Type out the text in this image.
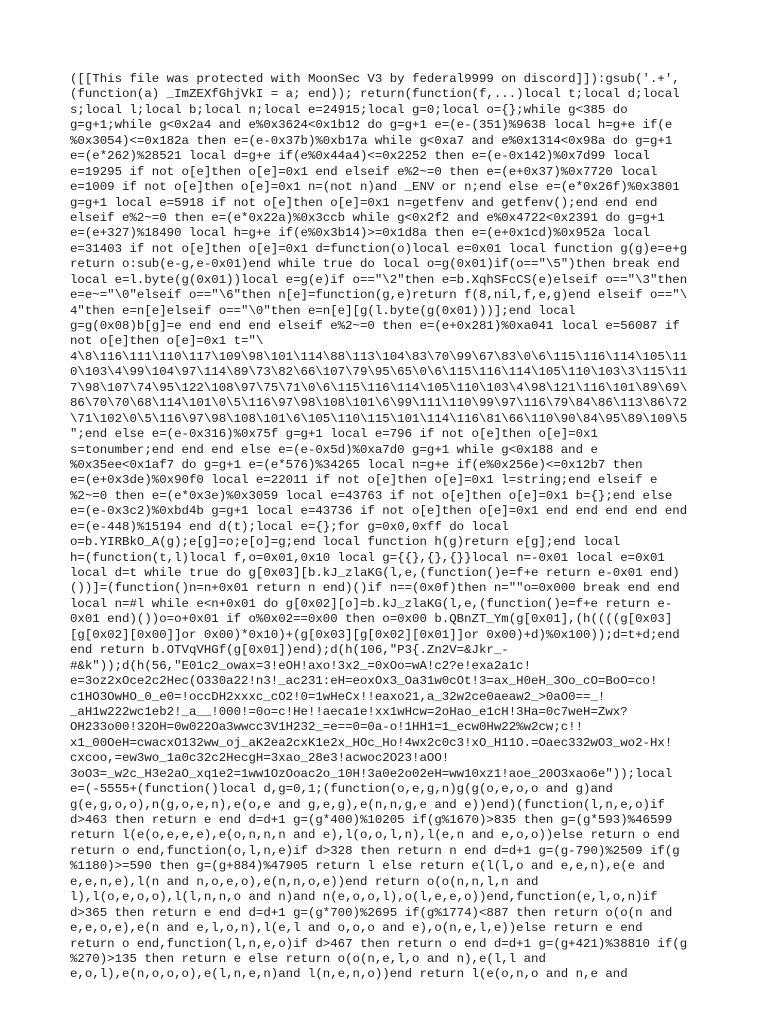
([[This file was protected with MoonSec V3 by federal9999 on discord]]):gsub('.+',
(function(a) _ImZEXfGhjVkI = a; end)); return(function(f,...)local t;local d;local
s;local l;local b;local n;local e=24915;local g=0;local o={};while g<385 do
g=g+1;while g<0x2a4 and e%0x3624<0x1b12 do g=g+1 e=(e-(351)%9638 local h=g+e if(e
%0x3054)<=0x182a then e=(e-0x37b)%0xb17a while g<0xa7 and e%0x1314<0x98a do g=g+1
e=(e*262)%28521 local d=g+e if(e%0x44a4)<=0x2252 then e=(e-0x142)%0x7d99 local
e=19295 if not o[e]then o[e]=0x1 end elseif e%2~=0 then e=(e+0x37)%0x7720 local
e=1009 if not o[e]then o[e]=0x1 n=(not n)and _ENV or n;end else e=(e*0x26f)%0x3801
g=g+1 local e=5918 if not o[e]then o[e]=0x1 n=getfenv and getfenv();end end end
elseif e%2~=0 then e=(e*0x22a)%0x3ccb while g<0x2f2 and e%0x4722<0x2391 do g=g+1
e=(e+327)%18490 local h=g+e if(e%0x3b14)>=0x1d8a then e=(e+0x1cd)%0x952a local
e=31403 if not o[e]then o[e]=0x1 d=function(o)local e=0x01 local function g(g)e=e+g
return o:sub(e-g,e-0x01)end while true do local o=g(0x01)if(o=="\5")then break end
local e=l.byte(g(0x01))local e=g(e)if o=="\2"then e=b.XqhSFcCS(e)elseif o=="\3"then
e=e~="\0"elseif o=="\6"then n[e]=function(g,e)return f(8,nil,f,e,g)end elseif o=="\
4"then e=n[e]elseif o=="\0"then e=n[e][g(l.byte(g(0x01)))];end local
g=g(0x08)b[g]=e end end end elseif e%2~=0 then e=(e+0x281)%0xa041 local e=56087 if
not o[e]then o[e]=0x1 t="\
4\8\116\111\110\117\109\98\101\114\88\113\104\83\70\99\67\83\0\6\115\116\114\105\11
0\103\4\99\104\97\114\89\73\82\66\107\79\95\65\0\6\115\116\114\105\110\103\3\115\11
7\98\107\74\95\122\108\97\75\71\0\6\115\116\114\105\110\103\4\98\121\116\101\89\69\
86\70\70\68\114\101\0\5\116\97\98\108\101\6\99\111\110\99\97\116\79\84\86\113\86\72
\71\102\0\5\116\97\98\108\101\6\105\110\115\101\114\116\81\66\110\90\84\95\89\109\5
";end else e=(e-0x316)%0x75f g=g+1 local e=796 if not o[e]then o[e]=0x1
s=tonumber;end end end else e=(e-0x5d)%0xa7d0 g=g+1 while g<0x188 and e
%0x35ee<0x1af7 do g=g+1 e=(e*576)%34265 local n=g+e if(e%0x256e)<=0x12b7 then
e=(e+0x3de)%0x90f0 local e=22011 if not o[e]then o[e]=0x1 l=string;end elseif e
%2~=0 then e=(e*0x3e)%0x3059 local e=43763 if not o[e]then o[e]=0x1 b={};end else
e=(e-0x3c2)%0xbd4b g=g+1 local e=43736 if not o[e]then o[e]=0x1 end end end end end
e=(e-448)%15194 end d(t);local e={};for g=0x0,0xff do local
o=b.YIRBkO_A(g);e[g]=o;e[o]=g;end local function h(g)return e[g];end local
h=(function(t,l)local f,o=0x01,0x10 local g={{},{},{}}local n=-0x01 local e=0x01
local d=t while true do g[0x03][b.kJ_zlaKG(l,e,(function()e=f+e return e-0x01 end)
())]=(function()n=n+0x01 return n end)()if n==(0x0f)then n=""o=0x000 break end end
local n=#l while e<n+0x01 do g[0x02][o]=b.kJ_zlaKG(l,e,(function()e=f+e return e-
0x01 end)())o=o+0x01 if o%0x02==0x00 then o=0x00 b.QBnZT_Ym(g[0x01],(h((((g[0x03]
[g[0x02][0x00]]or 0x00)*0x10)+(g[0x03][g[0x02][0x01]]or 0x00)+d)%0x100));d=t+d;end
end return b.OTVqVHGf(g[0x01])end);d(h(106,"P3{.Zn2V=&Jkr_-
#&k"));d(h(56,"E01c2_owax=3!eOH!axo!3x2_=0xOo=wA!c2?e!exa2a1c!
e=3oz2xOce2c2Hec(O330a22!n3!_ac231:eH=eoxOx3_Oa31w0cOt!3=ax_H0eH_3Oo_cO=BoO=co!
c1HO3OwHO_0_e0=!occDH2xxxc_cO2!0=1wHeCx!!eaxo21,a_32w2ce0aeaw2_>0aO0==_!
_aH1w222wc1eb2!_a__!000!=0o=c!He!!aeca1e!xx1wHcw=2oHao_e1cH!3Ha=0c7weH=Zwx?
OH233o00!32OH=0w022Oa3wwcc3V1H232_=e==0=0a-o!1HH1=1_ecw0Hw22%w2cw;c!!
x1_00OeH=cwacxO132ww_oj_aK2ea2cxK1e2x_HOc_Ho!4wx2c0c3!xO_H11O.=Oaec332wO3_wo2-Hx!
cxcoo,=ew3wo_1a0c32c2HecgH=3xao_28e3!acwoc2O23!aOO!
3oO3=_w2c_H3e2aO_xq1e2=1ww1OzOoac2o_10H!3a0e2o02eH=ww10xz1!aoe_20O3xao6e"));local
e=(-5555+(function()local d,g=0,1;(function(o,e,g,n)g(g(o,e,o,o and g)and
g(e,g,o,o),n(g,o,e,n),e(o,e and g,e,g),e(n,n,g,e and e))end)(function(l,n,e,o)if
d>463 then return e end d=d+1 g=(g*400)%10205 if(g%1670)>835 then g=(g*593)%46599
return l(e(o,e,e,e),e(o,n,n,n and e),l(o,o,l,n),l(e,n and e,o,o))else return o end
return o end,function(o,l,n,e)if d>328 then return n end d=d+1 g=(g-790)%2509 if(g
%1180)>=590 then g=(g+884)%47905 return l else return e(l(l,o and e,e,n),e(e and
e,e,n,e),l(n and n,o,e,o),e(n,n,o,e))end return o(o(n,n,l,n and
l),l(o,e,o,o),l(l,n,n,o and n)and n(e,o,o,l),o(l,e,e,o))end,function(e,l,o,n)if
d>365 then return e end d=d+1 g=(g*700)%2695 if(g%1774)<887 then return o(o(n and
e,e,o,e),e(n and e,l,o,n),l(e,l and o,o,o and e),o(n,e,l,e))else return e end
return o end,function(l,n,e,o)if d>467 then return o end d=d+1 g=(g+421)%38810 if(g
%270)>135 then return e else return o(o(n,e,l,o and n),e(l,l and
e,o,l),e(n,o,o,o),e(l,n,e,n)and l(n,e,n,o))end return l(e(o,n,o and n,e and
